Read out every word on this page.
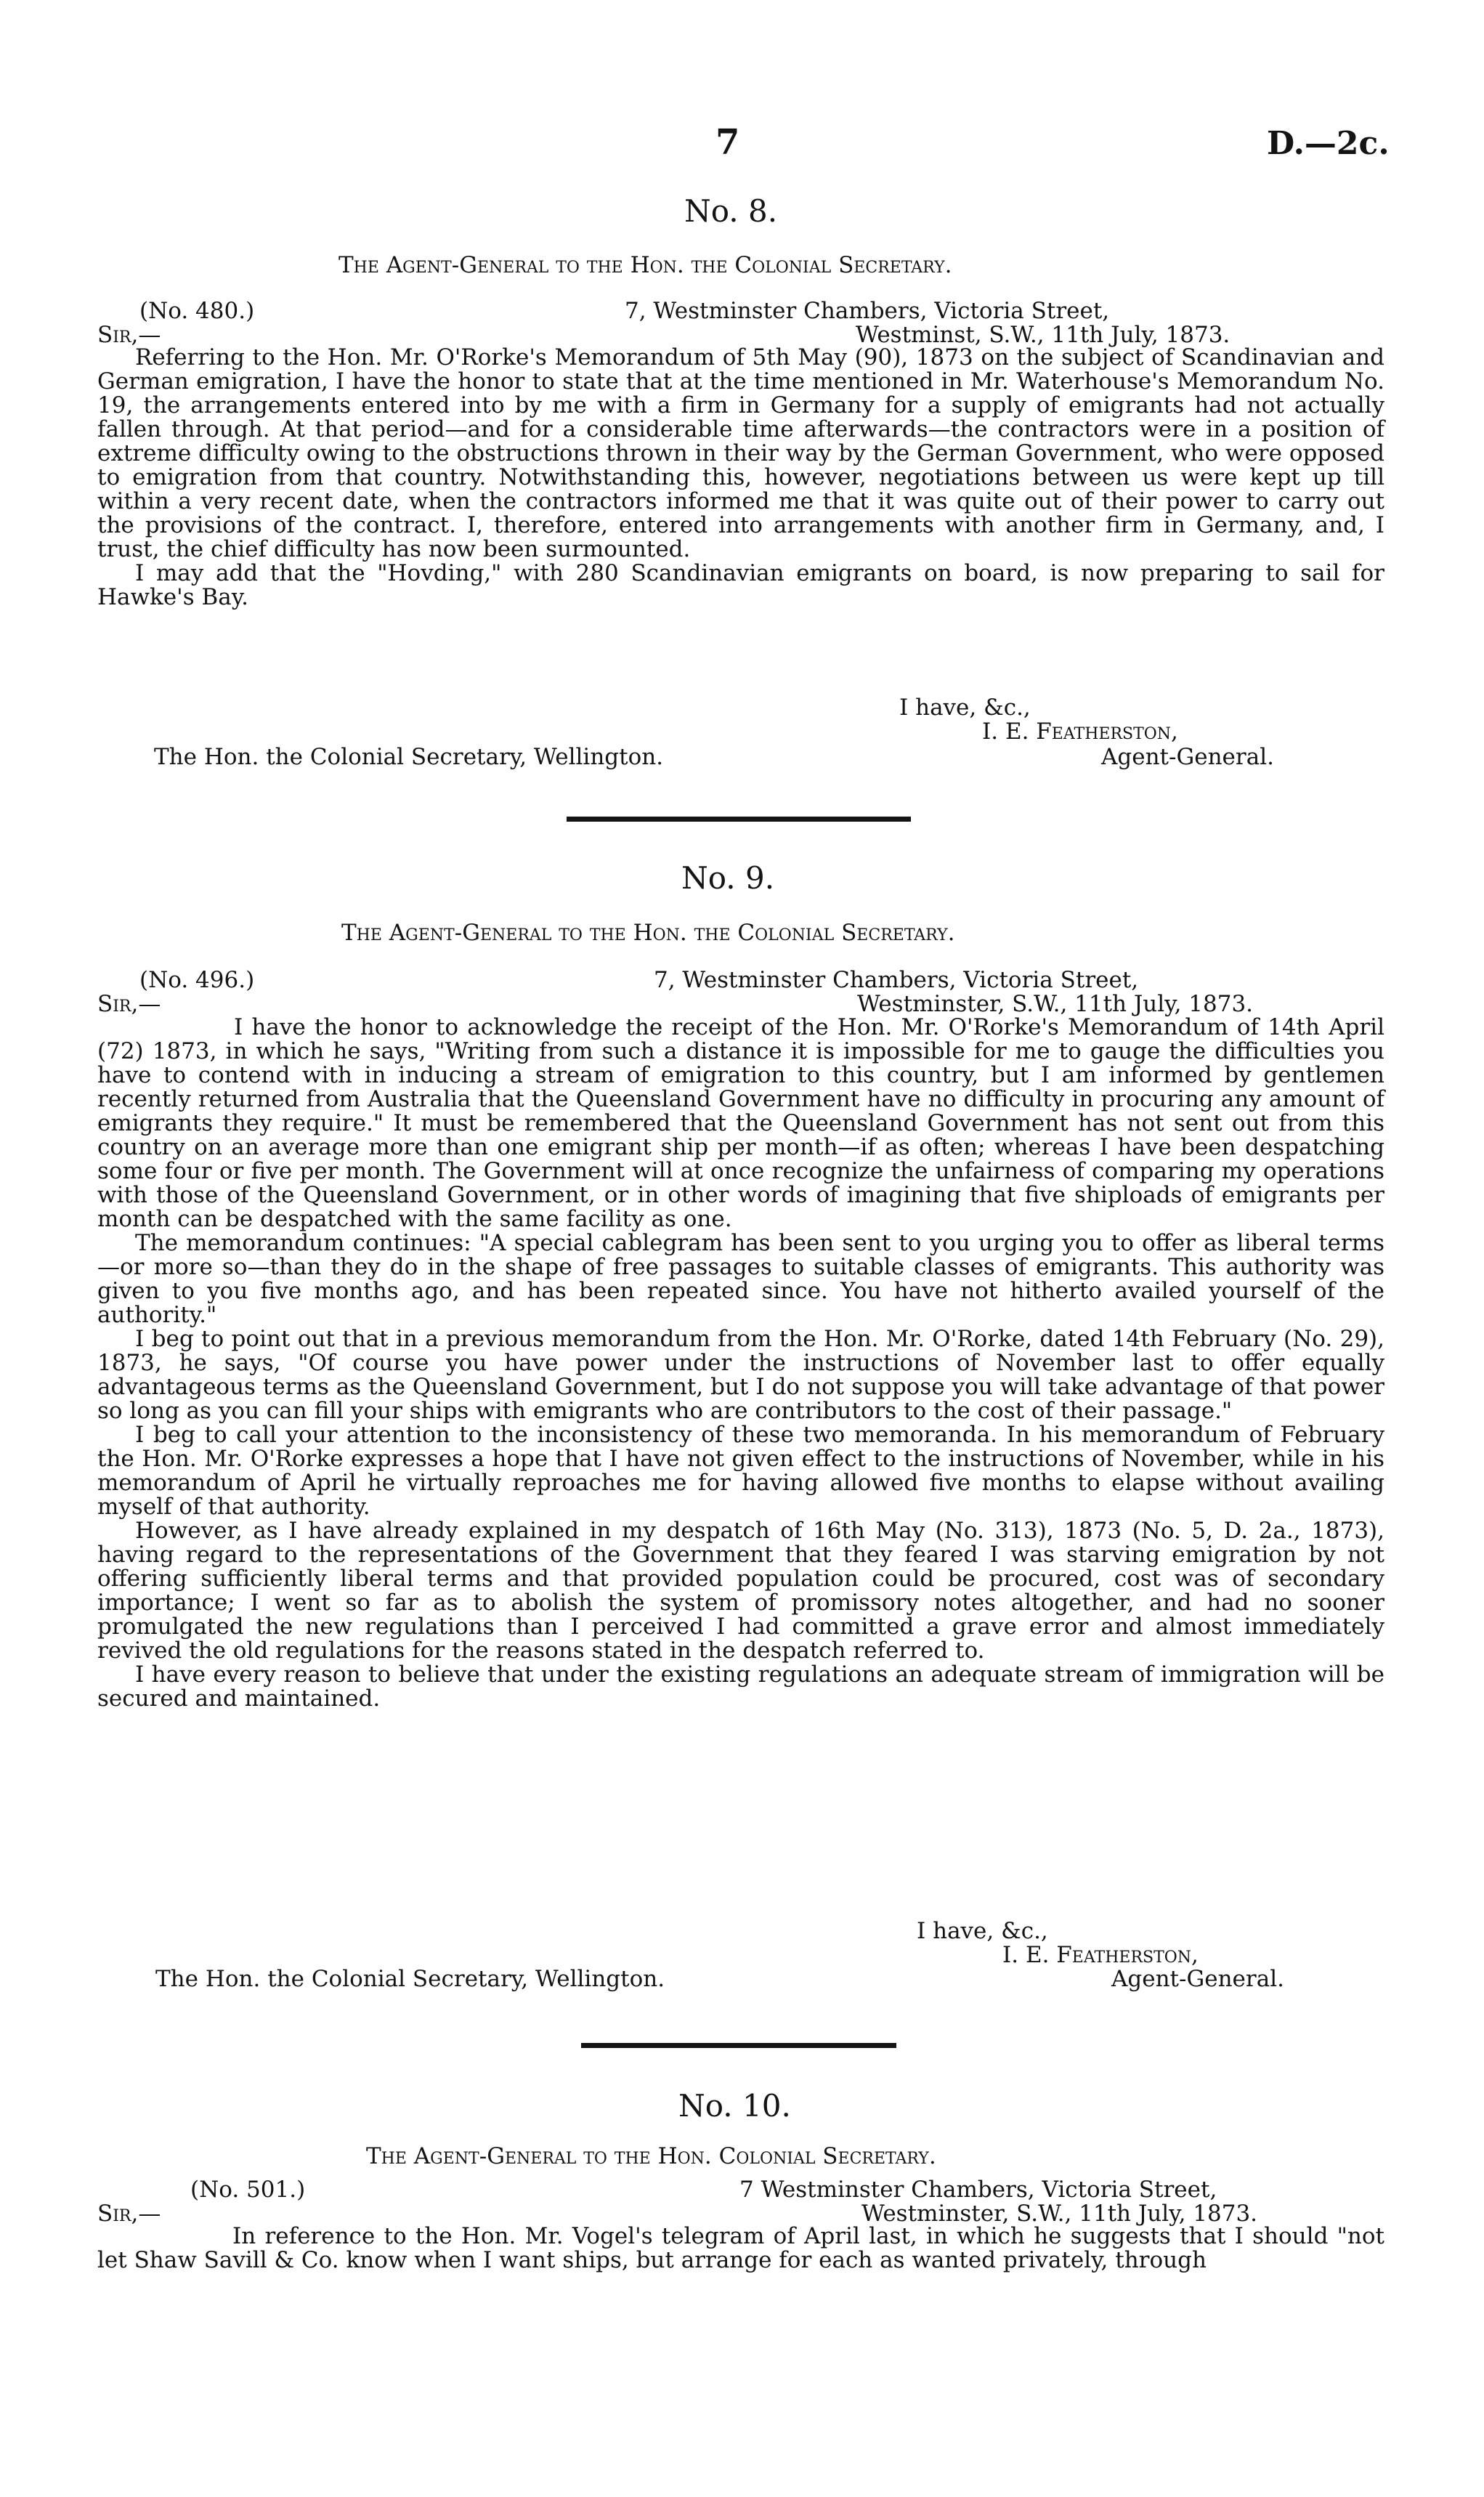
7	D.—2c.
No. 8.
The Agent-General to the Hon. the Colonial Secretary.
(No. 480.)	7, Westminster Chambers, Victoria Street,
Sir,—	Westminst, S.W., 11th July, 1873.

Referring to the Hon. Mr. O'Rorke's Memorandum of 5th May (90), 1873 on the subject of Scandinavian and German emigration, I have the honor to state that at the time mentioned in Mr. Waterhouse's Memorandum No. 19, the arrangements entered into by me with a firm in Germany for a supply of emigrants had not actually fallen through. At that period—and for a considerable time afterwards—the contractors were in a position of extreme difficulty owing to the obstructions thrown in their way by the German Government, who were opposed to emigration from that country. Notwithstanding this, however, negotiations between us were kept up till within a very recent date, when the contractors informed me that it was quite out of their power to carry out the provisions of the contract. I, therefore, entered into arrangements with another firm in Germany, and, I trust, the chief difficulty has now been surmounted.

I may add that the "Hovding," with 280 Scandinavian emigrants on board, is now preparing to sail for Hawke's Bay.

I have, &c.,
I. E. Featherston,
The Hon. the Colonial Secretary, Wellington.	Agent-General.
No. 9.
The Agent-General to the Hon. the Colonial Secretary.
(No. 496.)	7, Westminster Chambers, Victoria Street,
Sir,—	Westminster, S.W., 11th July, 1873.

I have the honor to acknowledge the receipt of the Hon. Mr. O'Rorke's Memorandum of 14th April (72) 1873, in which he says, "Writing from such a distance it is impossible for me to gauge the difficulties you have to contend with in inducing a stream of emigration to this country, but I am informed by gentlemen recently returned from Australia that the Queensland Government have no difficulty in procuring any amount of emigrants they require." It must be remembered that the Queensland Government has not sent out from this country on an average more than one emigrant ship per month—if as often; whereas I have been despatching some four or five per month. The Government will at once recognize the unfairness of comparing my operations with those of the Queensland Government, or in other words of imagining that five shiploads of emigrants per month can be despatched with the same facility as one.

The memorandum continues: "A special cablegram has been sent to you urging you to offer as liberal terms—or more so—than they do in the shape of free passages to suitable classes of emigrants. This authority was given to you five months ago, and has been repeated since. You have not hitherto availed yourself of the authority."

I beg to point out that in a previous memorandum from the Hon. Mr. O'Rorke, dated 14th February (No. 29), 1873, he says, "Of course you have power under the instructions of November last to offer equally advantageous terms as the Queensland Government, but I do not suppose you will take advantage of that power so long as you can fill your ships with emigrants who are contributors to the cost of their passage."

I beg to call your attention to the inconsistency of these two memoranda. In his memorandum of February the Hon. Mr. O'Rorke expresses a hope that I have not given effect to the instructions of November, while in his memorandum of April he virtually reproaches me for having allowed five months to elapse without availing myself of that authority.

However, as I have already explained in my despatch of 16th May (No. 313), 1873 (No. 5, D. 2a., 1873), having regard to the representations of the Government that they feared I was starving emigration by not offering sufficiently liberal terms and that provided population could be procured, cost was of secondary importance; I went so far as to abolish the system of promissory notes altogether, and had no sooner promulgated the new regulations than I perceived I had committed a grave error and almost immediately revived the old regulations for the reasons stated in the despatch referred to.

I have every reason to believe that under the existing regulations an adequate stream of immigration will be secured and maintained.

I have, &c.,
I. E. Featherston,
The Hon. the Colonial Secretary, Wellington.	Agent-General.
No. 10.
The Agent-General to the Hon. Colonial Secretary.
(No. 501.)	7 Westminster Chambers, Victoria Street,
Sir,—	Westminster, S.W., 11th July, 1873.

In reference to the Hon. Mr. Vogel's telegram of April last, in which he suggests that I should "not let Shaw Savill & Co. know when I want ships, but arrange for each as wanted privately, through
